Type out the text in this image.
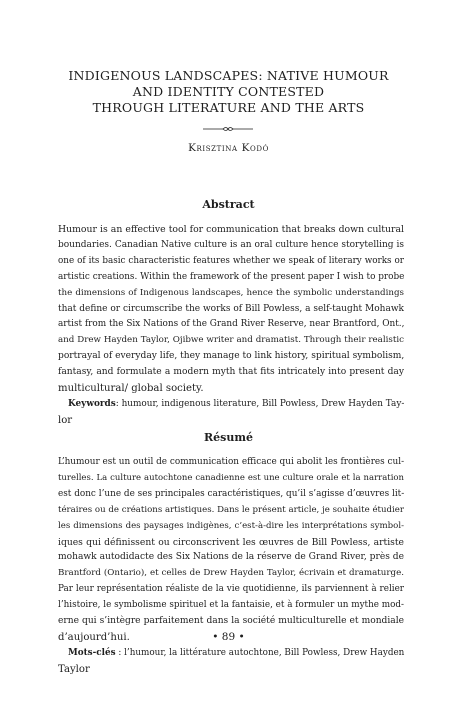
INDIGENOUS LANDSCAPES: NATIVE HUMOUR
AND IDENTITY CONTESTED
THROUGH LITERATURE AND THE ARTS
Krisztina Kodó
Abstract
Humour is an effective tool for communication that breaks down cultural
boundaries. Canadian Native culture is an oral culture hence storytelling is
one of its basic characteristic features whether we speak of literary works or
artistic creations. Within the framework of the present paper I wish to probe
the dimensions of Indigenous landscapes, hence the symbolic understandings
that define or circumscribe the works of Bill Powless, a self-taught Mohawk
artist from the Six Nations of the Grand River Reserve, near Brantford, Ont.,
and Drew Hayden Taylor, Ojibwe writer and dramatist. Through their realistic
portrayal of everyday life, they manage to link history, spiritual symbolism,
fantasy, and formulate a modern myth that fits intricately into present day
multicultural/ global society.
Keywords: humour, indigenous literature, Bill Powless, Drew Hayden Tay-
lor
Résumé
L’humour est un outil de communication efficace qui abolit les frontières cul-
turelles. La culture autochtone canadienne est une culture orale et la narration
est donc l’une de ses principales caractéristiques, qu’il s’agisse d’œuvres lit-
téraires ou de créations artistiques. Dans le présent article, je souhaite étudier
les dimensions des paysages indigènes, c’est-à-dire les interprétations symbol-
iques qui définissent ou circonscrivent les œuvres de Bill Powless, artiste
mohawk autodidacte des Six Nations de la réserve de Grand River, près de
Brantford (Ontario), et celles de Drew Hayden Taylor, écrivain et dramaturge.
Par leur représentation réaliste de la vie quotidienne, ils parviennent à relier
l’histoire, le symbolisme spirituel et la fantaisie, et à formuler un mythe mod-
erne qui s’intègre parfaitement dans la société multiculturelle et mondiale
d’aujourd’hui.
Mots-clés : l’humour, la littérature autochtone, Bill Powless, Drew Hayden
Taylor
• 89 •
